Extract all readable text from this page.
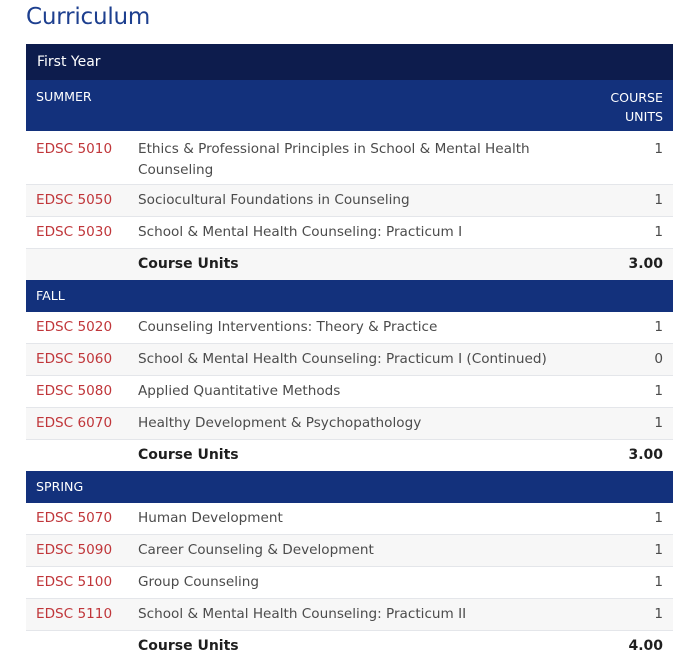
Curriculum
First Year		
SUMMER		COURSE
UNITS
EDSC 5010	Ethics & Professional Principles in School & Mental Health Counseling	1
EDSC 5050	Sociocultural Foundations in Counseling	1
EDSC 5030	School & Mental Health Counseling: Practicum I	1
	Course Units	3.00
FALL		
EDSC 5020	Counseling Interventions: Theory & Practice	1
EDSC 5060	School & Mental Health Counseling: Practicum I (Continued)	0
EDSC 5080	Applied Quantitative Methods	1
EDSC 6070	Healthy Development & Psychopathology	1
	Course Units	3.00
SPRING		
EDSC 5070	Human Development	1
EDSC 5090	Career Counseling & Development	1
EDSC 5100	Group Counseling	1
EDSC 5110	School & Mental Health Counseling: Practicum II	1
	Course Units	4.00
